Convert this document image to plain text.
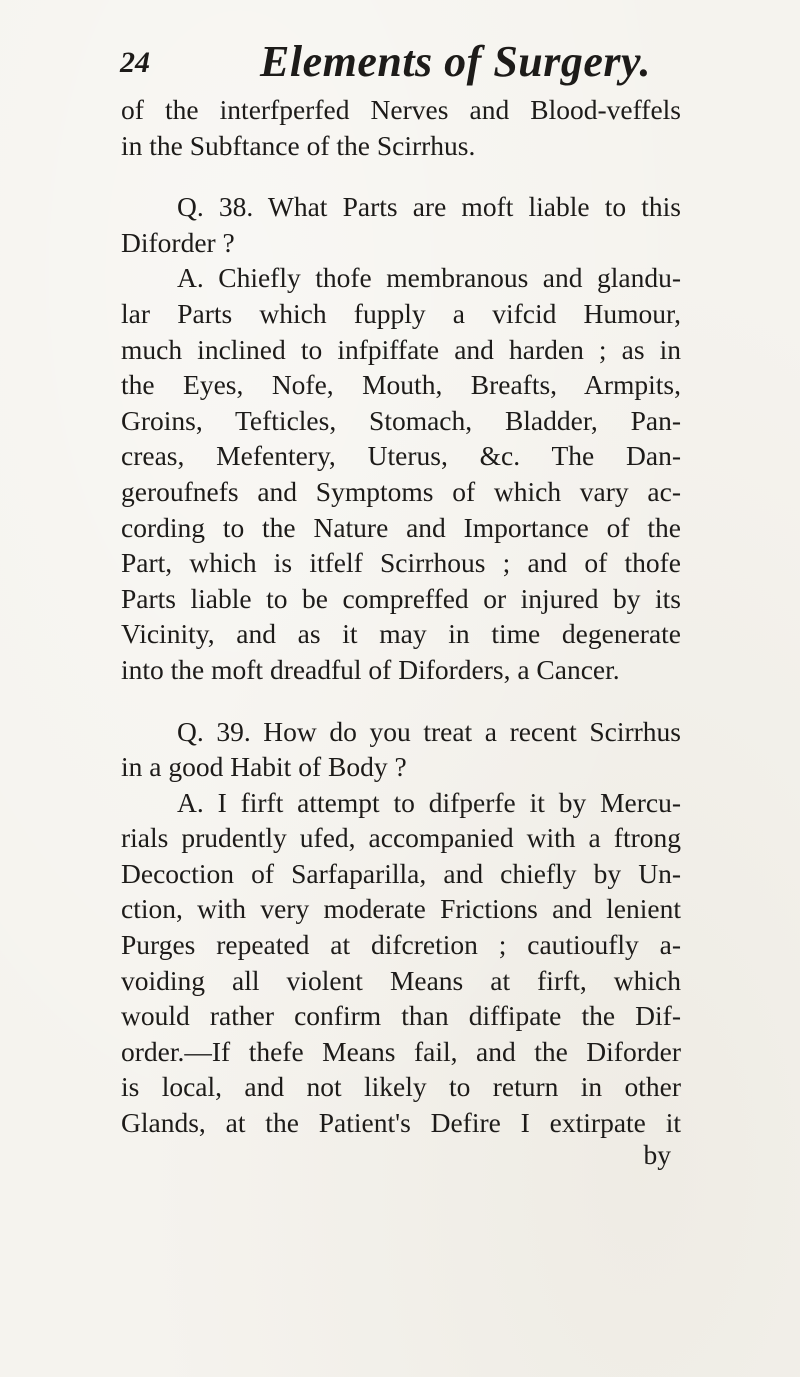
24	Elements of Surgery.
of the interfperfed Nerves and Blood-veffels
in the Subftance of the Scirrhus.
Q. 38. What Parts are moft liable to this
Diforder ?
A. Chiefly thofe membranous and glandu-
lar Parts which fupply a vifcid Humour,
much inclined to infpiffate and harden ; as in
the Eyes, Nofe, Mouth, Breafts, Armpits,
Groins, Tefticles, Stomach, Bladder, Pan-
creas, Mefentery, Uterus, &c. The Dan-
geroufnefs and Symptoms of which vary ac-
cording to the Nature and Importance of the
Part, which is itfelf Scirrhous ; and of thofe
Parts liable to be compreffed or injured by its
Vicinity, and as it may in time degenerate
into the moft dreadful of Diforders, a Cancer.
Q. 39. How do you treat a recent Scirrhus
in a good Habit of Body ?
A. I firft attempt to difperfe it by Mercu-
rials prudently ufed, accompanied with a ftrong
Decoction of Sarfaparilla, and chiefly by Un-
ction, with very moderate Frictions and lenient
Purges repeated at difcretion ; cautioufly a-
voiding all violent Means at firft, which
would rather confirm than diffipate the Dif-
order.—If thefe Means fail, and the Diforder
is local, and not likely to return in other
Glands, at the Patient's Defire I extirpate it
by
